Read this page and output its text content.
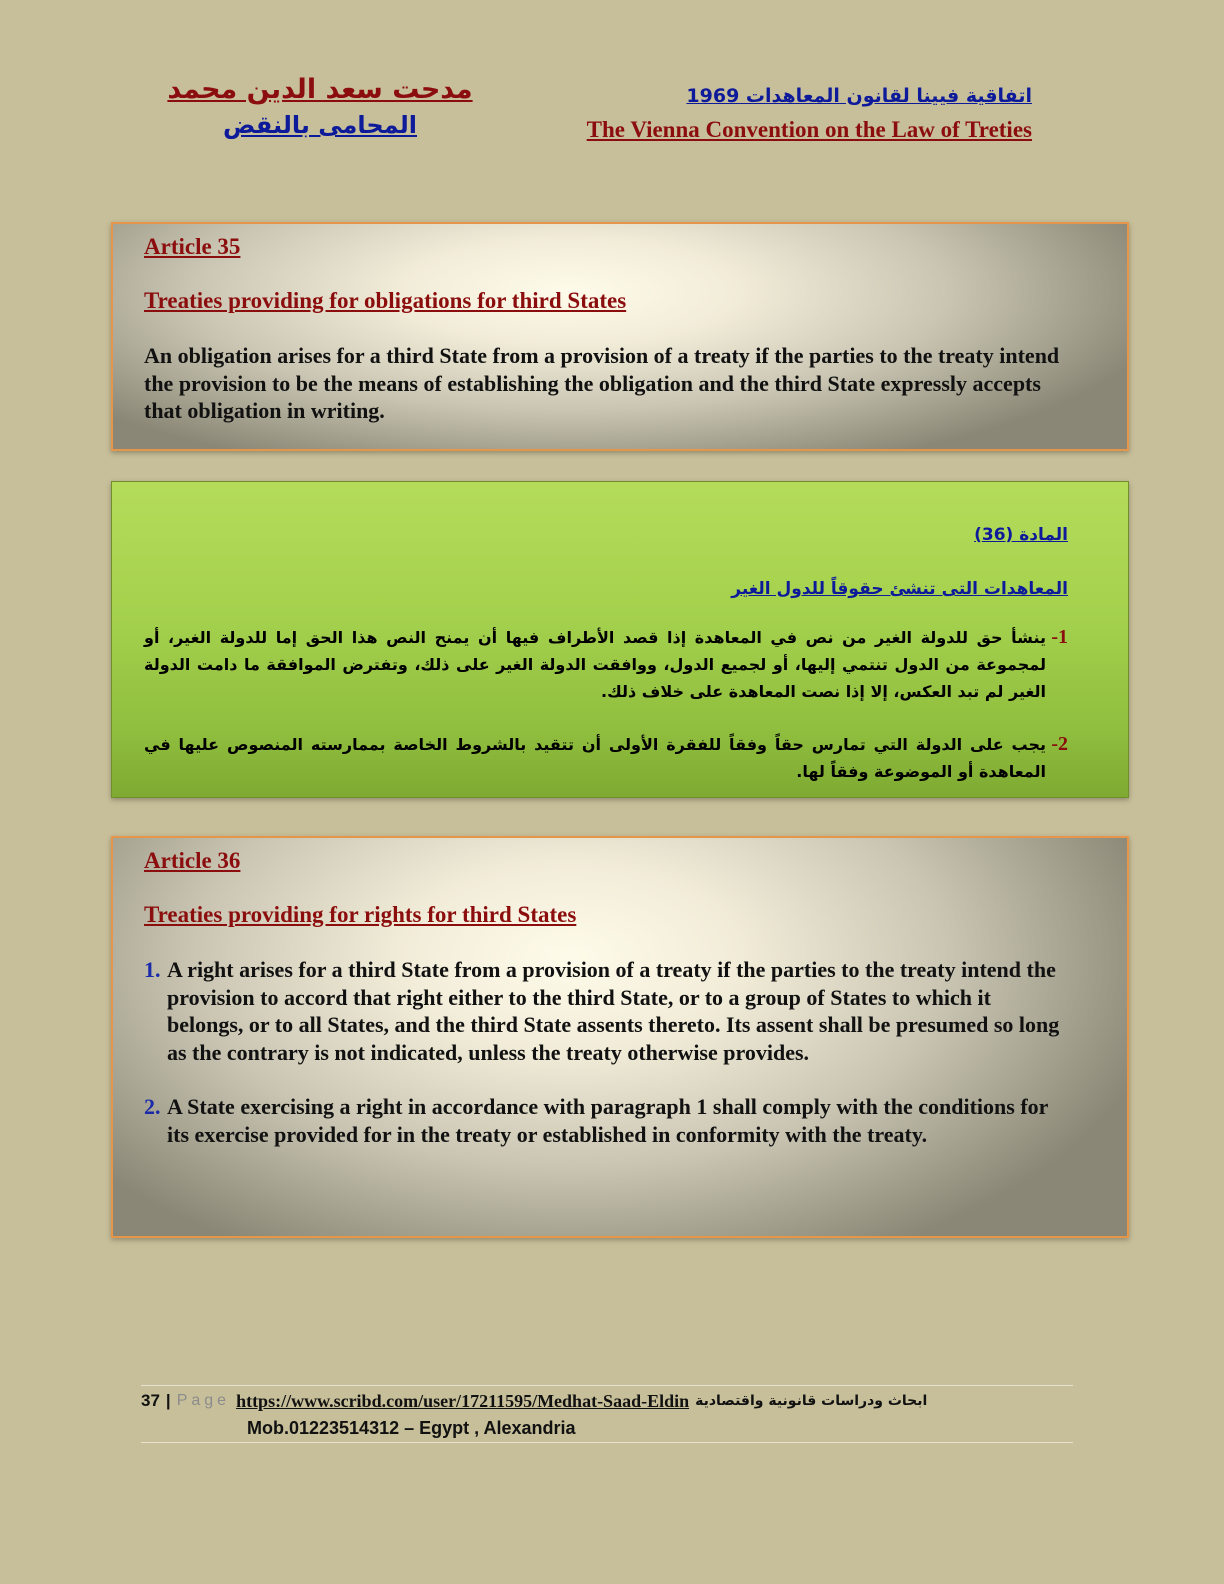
مدحت سعد الدين محمد
المحامى بالنقض
اتفاقية فيينا لقانون المعاهدات 1969
The Vienna Convention on the Law of Treties

Article 35

Treaties providing for obligations for third States

An obligation arises for a third State from a provision of a treaty if the parties to the treaty intend the provision to be the means of establishing the obligation and the third State expressly accepts that obligation in writing.

المادة (36)

المعاهدات التى تنشئ حقوقاً للدول الغير

1-
ينشأ حق للدولة الغير من نص في المعاهدة إذا قصد الأطراف فيها أن يمنح النص هذا الحق إما للدولة الغير، أو لمجموعة من الدول تنتمي إليها، أو لجميع الدول، ووافقت الدولة الغير على ذلك، وتفترض الموافقة ما دامت الدولة الغير لم تبد العكس، إلا إذا نصت المعاهدة على خلاف ذلك.
2-
يجب على الدولة التي تمارس حقاً وفقاً للفقرة الأولى أن تتقيد بالشروط الخاصة بممارسته المنصوص عليها في المعاهدة أو الموضوعة وفقاً لها.

Article 36

Treaties providing for rights for third States

1. A right arises for a third State from a provision of a treaty if the parties to the treaty intend the provision to accord that right either to the third State, or to a group of States to which it belongs, or to all States, and the third State assents thereto. Its assent shall be presumed so long as the contrary is not indicated, unless the treaty otherwise provides.
2. A State exercising a right in accordance with paragraph 1 shall comply with the conditions for its exercise provided for in the treaty or established in conformity with the treaty.
37 | Page https://www.scribd.com/user/17211595/Medhat-Saad-Eldin ابحاث ودراسات قانونية واقتصادية
Mob.01223514312 – Egypt , Alexandria
